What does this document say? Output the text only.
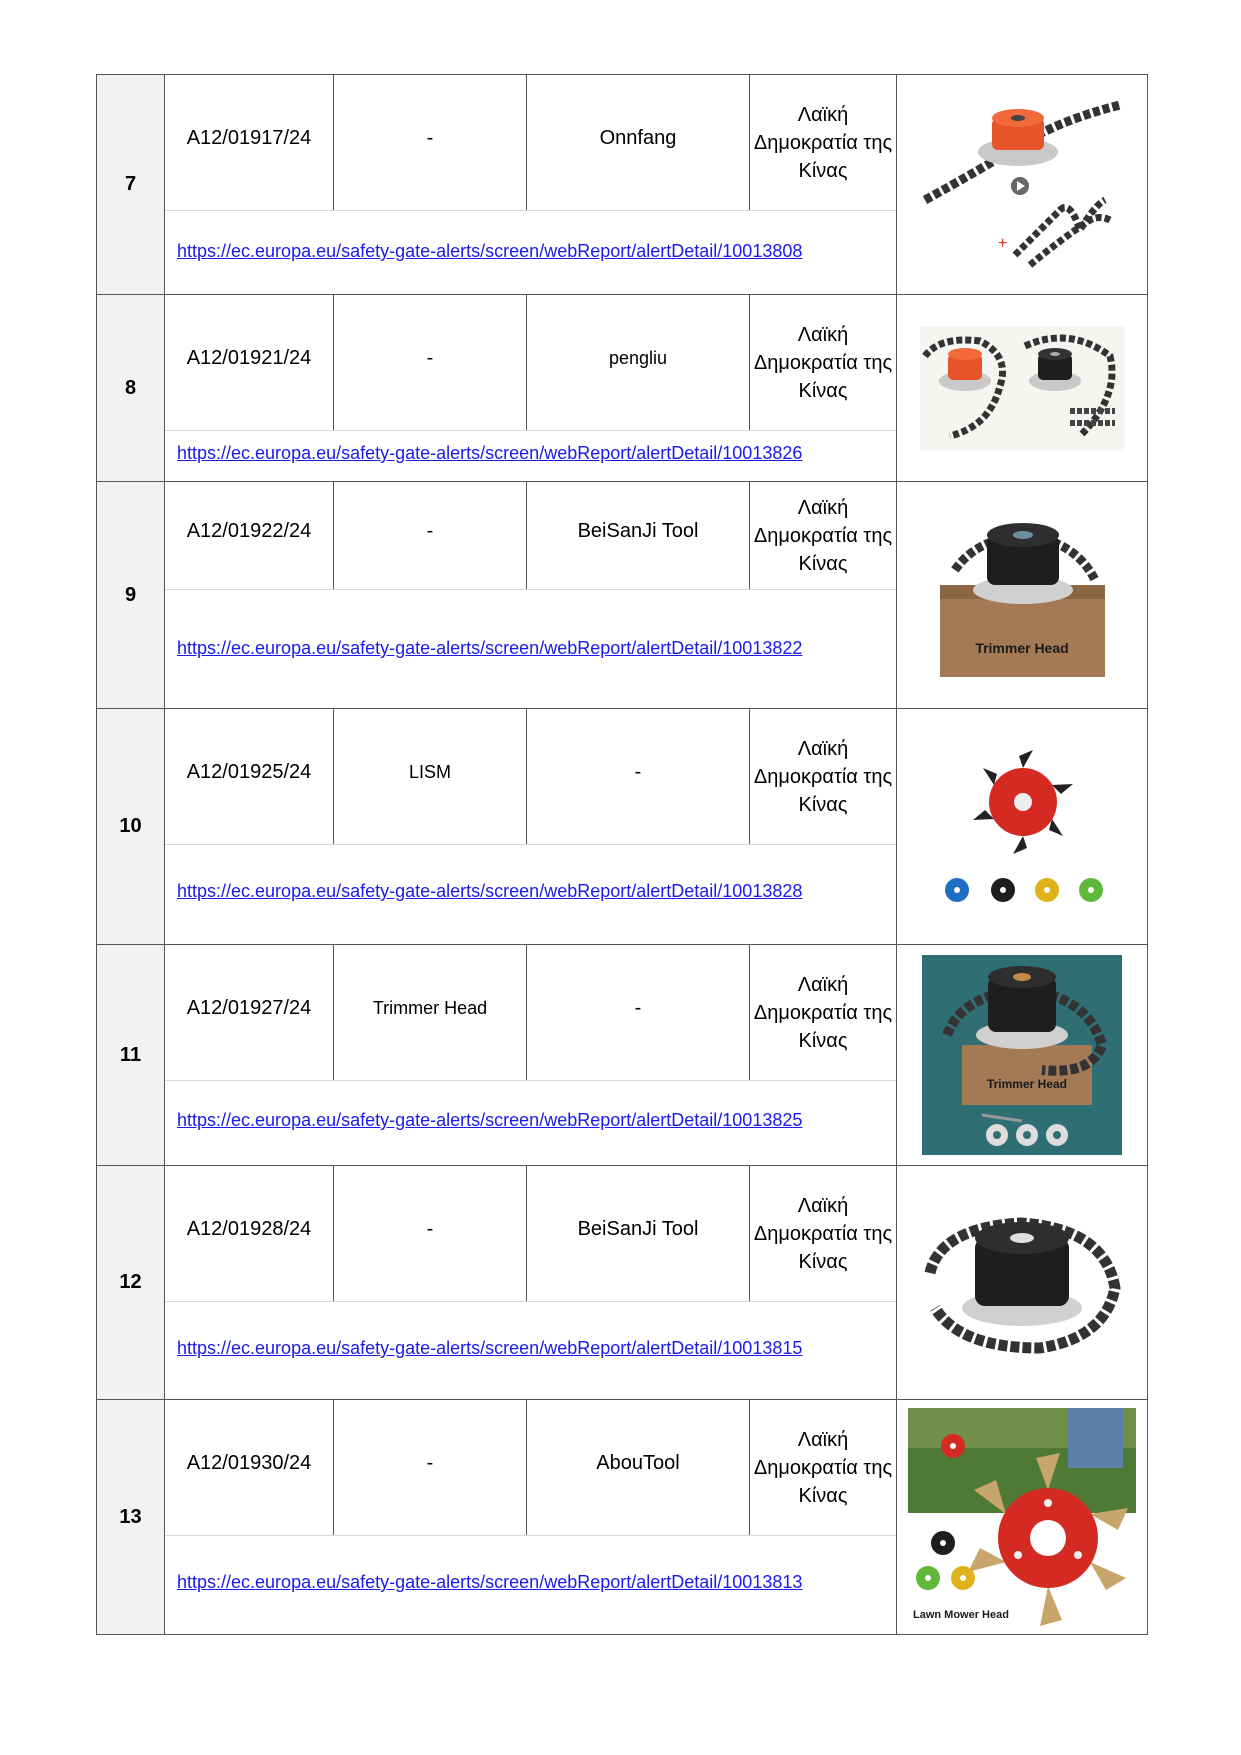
7
A12/01917/24	-	Onnfang
Λαϊκή Δημοκρατία της Κίνας
https://ec.europa.eu/safety-gate-alerts/screen/webReport/alertDetail/10013808	+
8
A12/01921/24	-	pengliu
Λαϊκή Δημοκρατία της Κίνας
https://ec.europa.eu/safety-gate-alerts/screen/webReport/alertDetail/10013826
9
A12/01922/24	-	BeiSanJi Tool
Λαϊκή Δημοκρατία της Κίνας
https://ec.europa.eu/safety-gate-alerts/screen/webReport/alertDetail/10013822	Trimmer Head
10
A12/01925/24	LISM	-
Λαϊκή Δημοκρατία της Κίνας
https://ec.europa.eu/safety-gate-alerts/screen/webReport/alertDetail/10013828
11
A12/01927/24	Trimmer Head	-
Λαϊκή Δημοκρατία της Κίνας
https://ec.europa.eu/safety-gate-alerts/screen/webReport/alertDetail/10013825
Trimmer Head
12
A12/01928/24	-	BeiSanJi Tool
Λαϊκή Δημοκρατία της Κίνας
https://ec.europa.eu/safety-gate-alerts/screen/webReport/alertDetail/10013815
13
A12/01930/24	-	AbouTool
Λαϊκή Δημοκρατία της Κίνας
https://ec.europa.eu/safety-gate-alerts/screen/webReport/alertDetail/10013813
Lawn Mower Head
